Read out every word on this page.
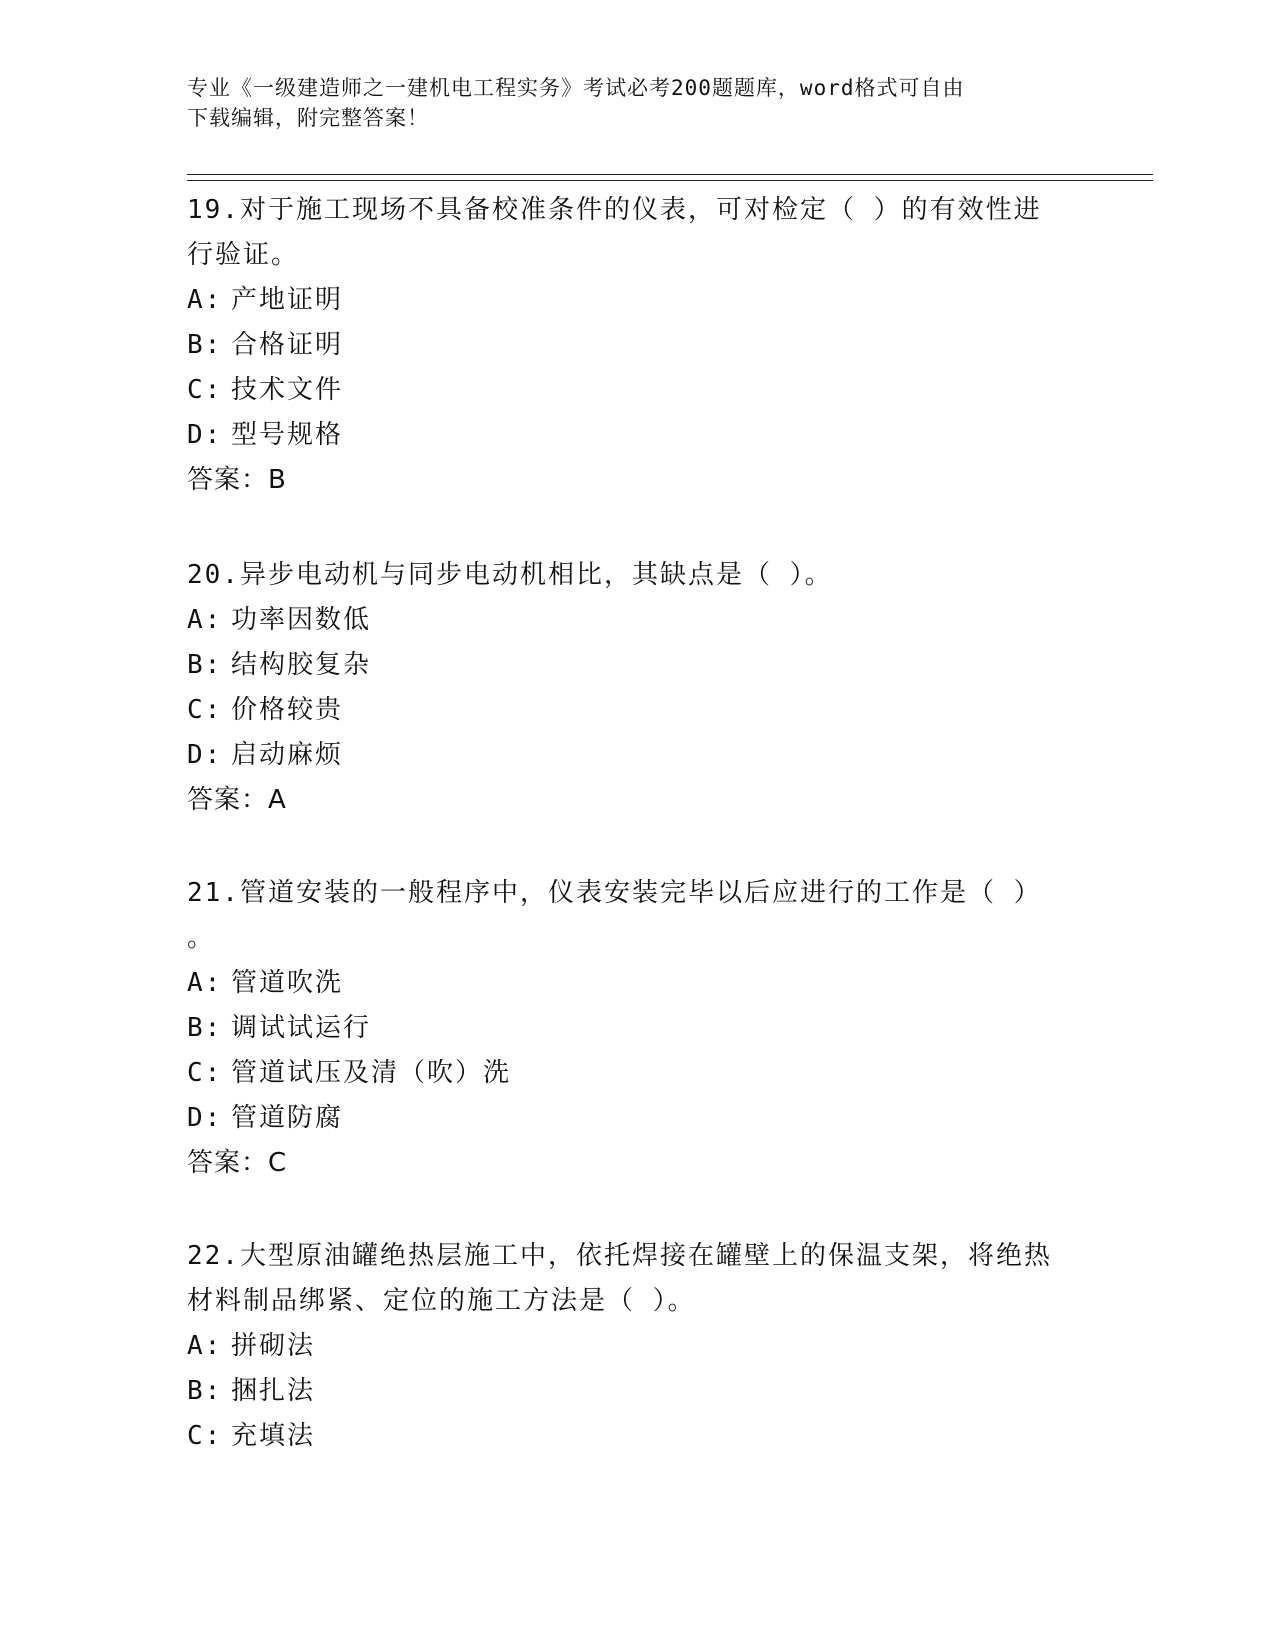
专业《一级建造师之一建机电工程实务》考试必考200题题库，word格式可自由
下载编辑，附完整答案！

19.对于施工现场不具备校准条件的仪表，可对检定（ ）的有效性进

行验证。

A: 产地证明

B: 合格证明

C: 技术文件

D: 型号规格

答案：B

20.异步电动机与同步电动机相比，其缺点是（ ）。

A: 功率因数低

B: 结构胶复杂

C: 价格较贵

D: 启动麻烦

答案：A

21.管道安装的一般程序中，仪表安装完毕以后应进行的工作是（ ）

。

A: 管道吹洗

B: 调试试运行

C: 管道试压及清（吹）洗

D: 管道防腐

答案：C

22.大型原油罐绝热层施工中，依托焊接在罐壁上的保温支架，将绝热

材料制品绑紧、定位的施工方法是（ ）。

A: 拼砌法

B: 捆扎法

C: 充填法
